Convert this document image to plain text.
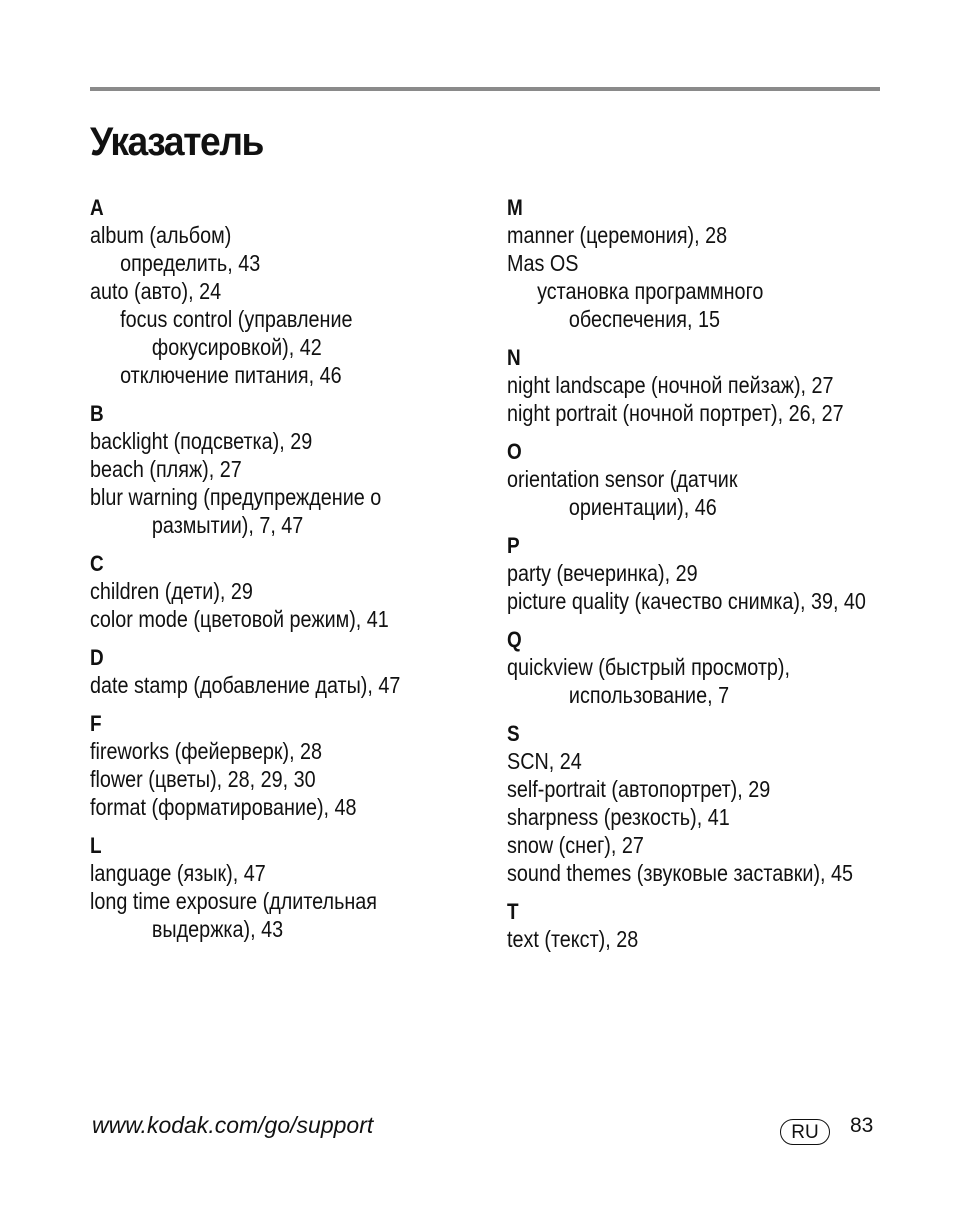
Указатель
A
album (альбом)
определить, 43
auto (авто), 24
focus control (управление
фокусировкой), 42
отключение питания, 46
B
backlight (подсветка), 29
beach (пляж), 27
blur warning (предупреждение о
размытии), 7, 47
C
children (дети), 29
color mode (цветовой режим), 41
D
date stamp (добавление даты), 47
F
fireworks (фейерверк), 28
flower (цветы), 28, 29, 30
format (форматирование), 48
L
language (язык), 47
long time exposure (длительная
выдержка), 43
M
manner (церемония), 28
Mas OS
установка программного
обеспечения, 15
N
night landscape (ночной пейзаж), 27
night portrait (ночной портрет), 26, 27
O
orientation sensor (датчик
ориентации), 46
P
party (вечеринка), 29
picture quality (качество снимка), 39, 40
Q
quickview (быстрый просмотр),
использование, 7
S
SCN, 24
self-portrait (автопортрет), 29
sharpness (резкость), 41
snow (снег), 27
sound themes (звуковые заставки), 45
T
text (текст), 28
www.kodak.com/go/support	RU	83
